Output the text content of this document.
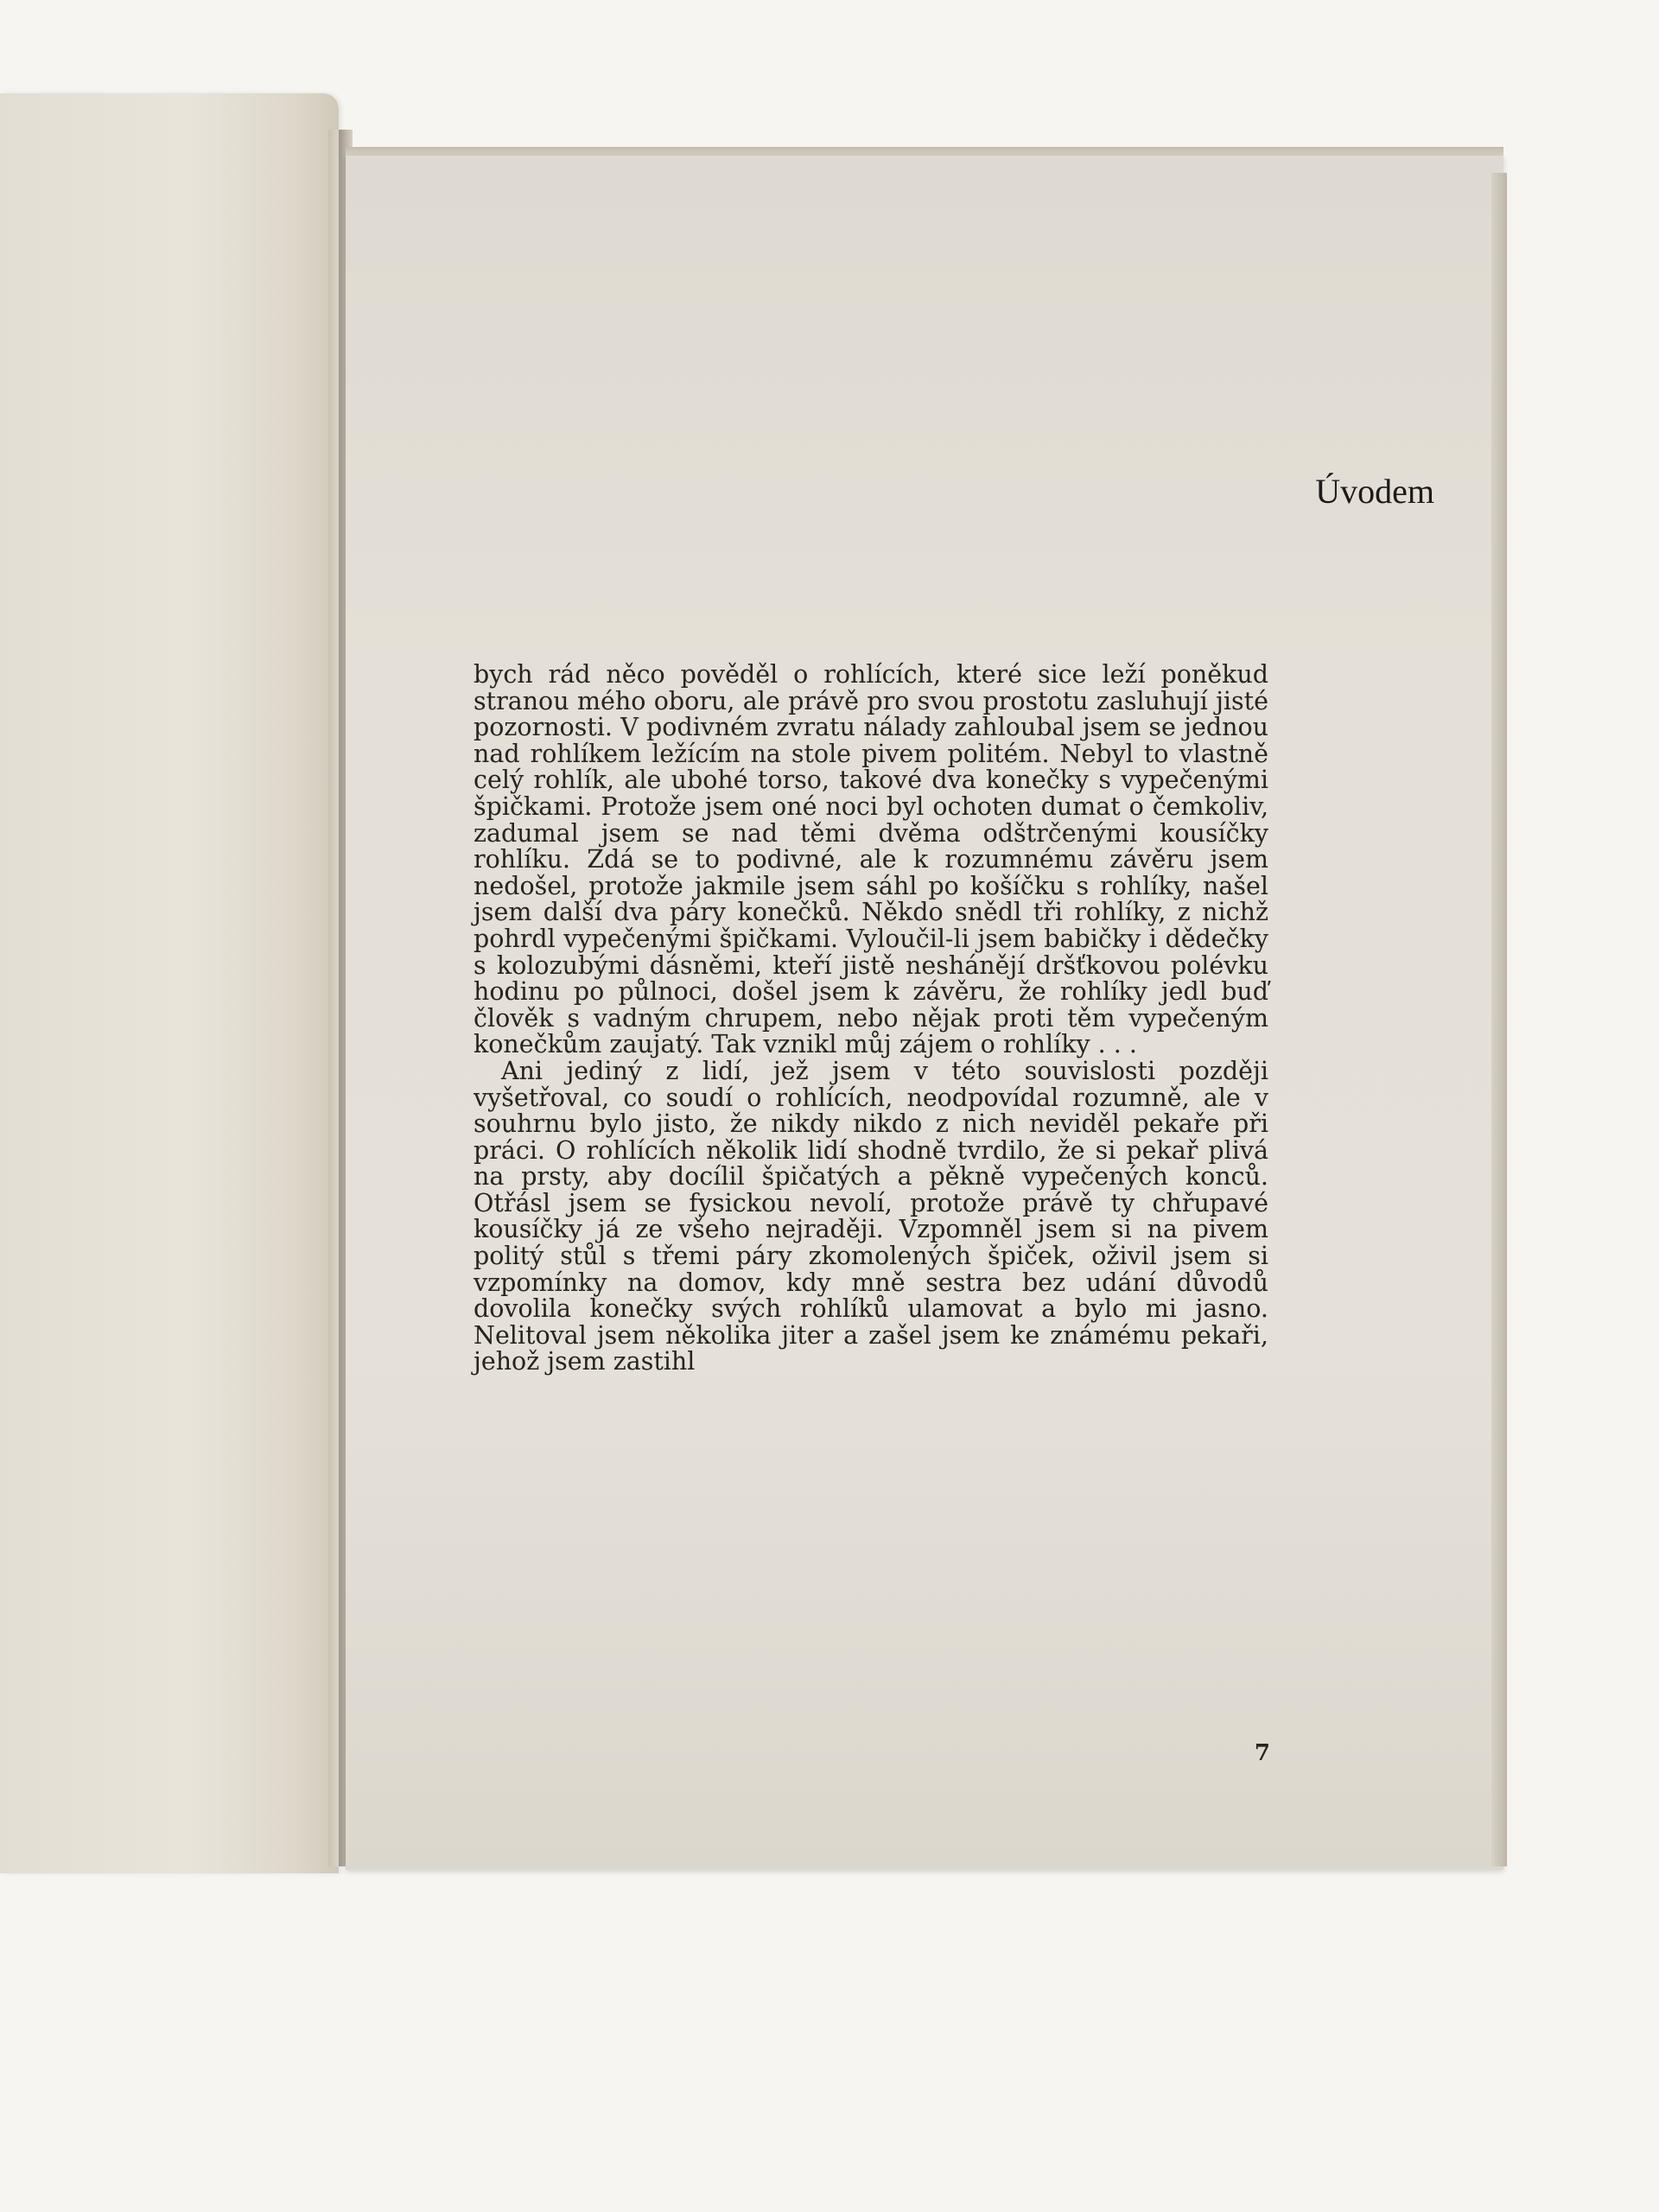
Úvodem

bych rád něco pověděl o rohlících, které sice leží poněkud stranou mého oboru, ale právě pro svou prostotu zasluhují jisté pozornosti. V podivném zvratu nálady zahloubal jsem se jednou nad rohlíkem ležícím na stole pivem politém. Nebyl to vlastně celý rohlík, ale ubohé torso, takové dva konečky s vypečenými špičkami. Protože jsem oné noci byl ochoten dumat o čemkoliv, zadumal jsem se nad těmi dvěma odštrčenými kousíčky rohlíku. Zdá se to podivné, ale k rozumnému závěru jsem nedošel, protože jakmile jsem sáhl po košíčku s rohlíky, našel jsem další dva páry konečků. Někdo snědl tři rohlíky, z nichž pohrdl vypečenými špičkami. Vyloučil-li jsem babičky i dědečky s kolozubými dásněmi, kteří jistě neshánějí dršťkovou polévku hodinu po půlnoci, došel jsem k závěru, že rohlíky jedl buď člověk s vadným chrupem, nebo nějak proti těm vypečeným konečkům zaujatý. Tak vznikl můj zájem o rohlíky . . .

Ani jediný z lidí, jež jsem v této souvislosti později vyšetřoval, co soudí o rohlících, neodpovídal rozumně, ale v souhrnu bylo jisto, že nikdy nikdo z nich neviděl pekaře při práci. O rohlících několik lidí shodně tvrdilo, že si pekař plivá na prsty, aby docílil špičatých a pěkně vypečených konců. Otřásl jsem se fysickou nevolí, protože právě ty chřupavé kousíčky já ze všeho nejraději. Vzpomněl jsem si na pivem politý stůl s třemi páry zkomolených špiček, oživil jsem si vzpomínky na domov, kdy mně sestra bez udání důvodů dovolila konečky svých rohlíků ulamovat a bylo mi jasno. Nelitoval jsem několika jiter a zašel jsem ke známému pekaři, jehož jsem zastihl

7
